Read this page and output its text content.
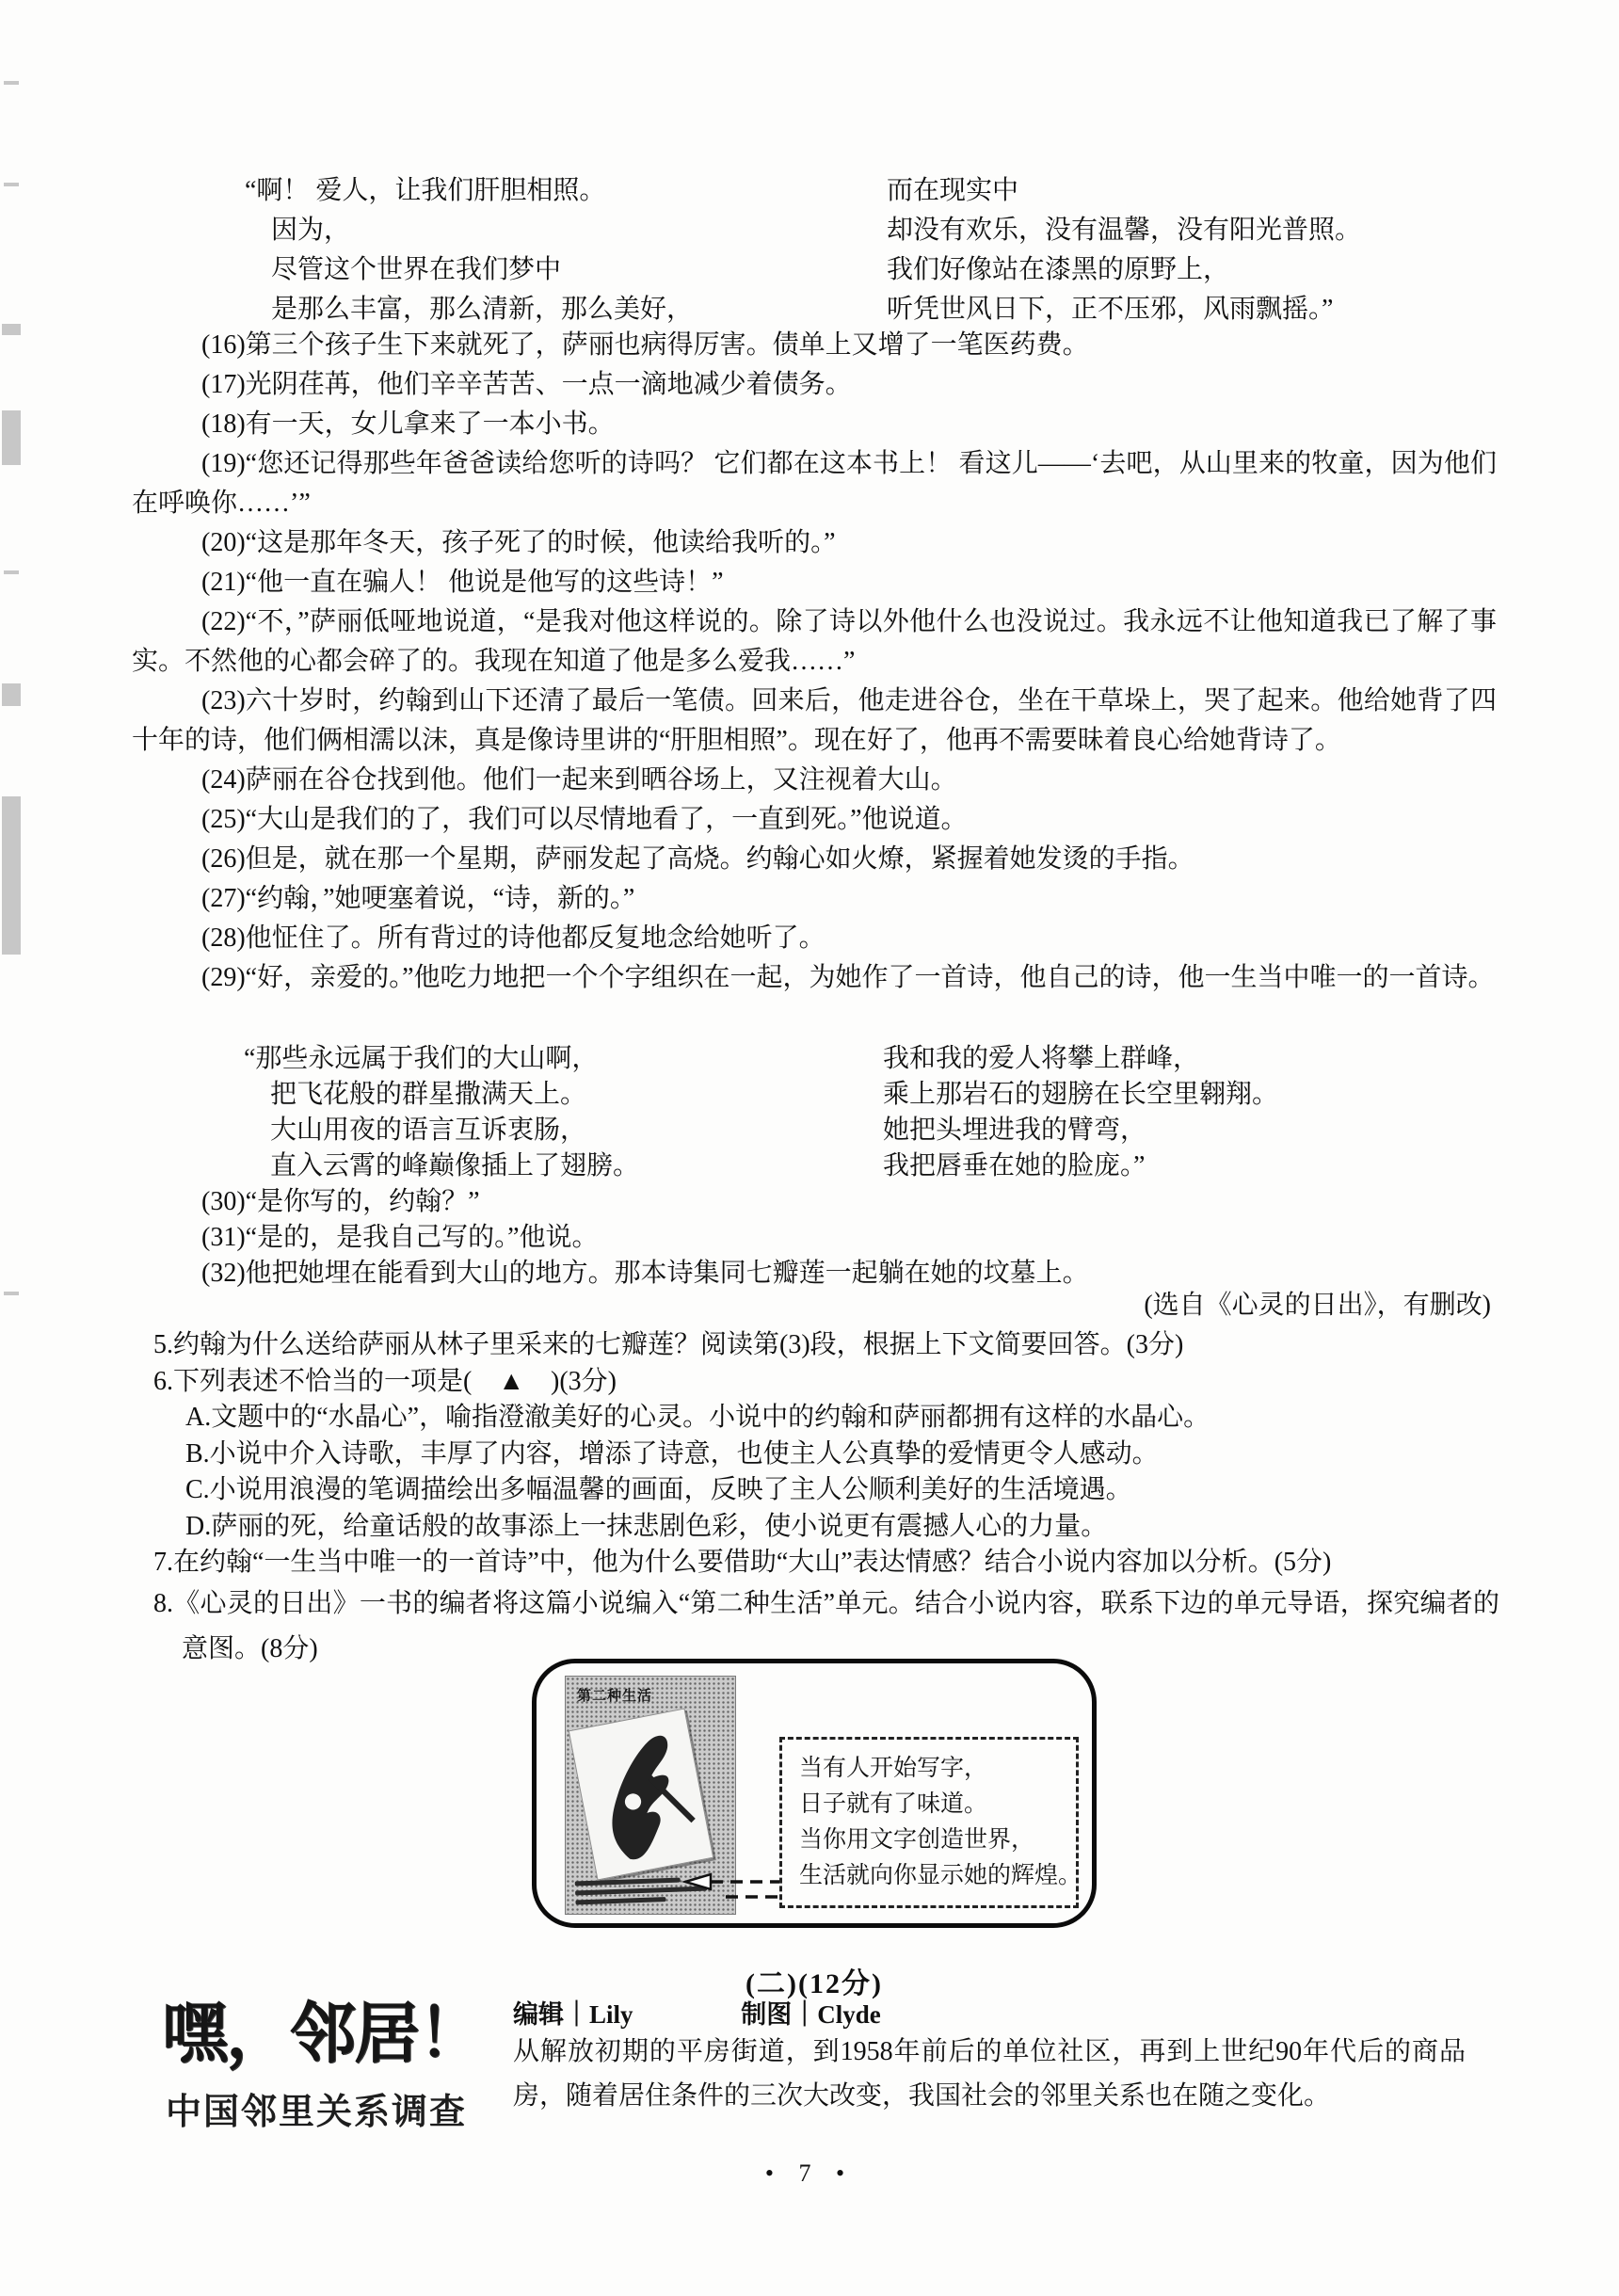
“啊！ 爱人，让我们肝胆相照。
因为，
尽管这个世界在我们梦中
是那么丰富，那么清新，那么美好，
而在现实中
却没有欢乐，没有温馨，没有阳光普照。
我们好像站在漆黑的原野上，
听凭世风日下，正不压邪，风雨飘摇。”

(16)第三个孩子生下来就死了，萨丽也病得厉害。债单上又增了一笔医药费。

(17)光阴荏苒，他们辛辛苦苦、一点一滴地减少着债务。

(18)有一天，女儿拿来了一本小书。

(19)“您还记得那些年爸爸读给您听的诗吗？ 它们都在这本书上！ 看这儿——‘去吧，从山里来的牧童，因为他们在呼唤你……’”

(20)“这是那年冬天，孩子死了的时候，他读给我听的。”

(21)“他一直在骗人！ 他说是他写的这些诗！”

(22)“不，”萨丽低哑地说道，“是我对他这样说的。除了诗以外他什么也没说过。我永远不让他知道我已了解了事实。不然他的心都会碎了的。我现在知道了他是多么爱我……”

(23)六十岁时，约翰到山下还清了最后一笔债。回来后，他走进谷仓，坐在干草垛上，哭了起来。他给她背了四十年的诗，他们俩相濡以沫，真是像诗里讲的“肝胆相照”。现在好了，他再不需要昧着良心给她背诗了。

(24)萨丽在谷仓找到他。他们一起来到晒谷场上，又注视着大山。

(25)“大山是我们的了，我们可以尽情地看了，一直到死。”他说道。

(26)但是，就在那一个星期，萨丽发起了高烧。约翰心如火燎，紧握着她发烫的手指。

(27)“约翰，”她哽塞着说，“诗，新的。”

(28)他怔住了。所有背过的诗他都反复地念给她听了。

(29)“好，亲爱的。”他吃力地把一个个字组织在一起，为她作了一首诗，他自己的诗，他一生当中唯一的一首诗。

“那些永远属于我们的大山啊，
把飞花般的群星撒满天上。
大山用夜的语言互诉衷肠，
直入云霄的峰巅像插上了翅膀。
我和我的爱人将攀上群峰，
乘上那岩石的翅膀在长空里翱翔。
她把头埋进我的臂弯，
我把唇垂在她的脸庞。”

(30)“是你写的，约翰？”

(31)“是的，是我自己写的。”他说。

(32)他把她埋在能看到大山的地方。那本诗集同七瓣莲一起躺在她的坟墓上。

(选自《心灵的日出》，有删改)

5.约翰为什么送给萨丽从林子里采来的七瓣莲？阅读第(3)段，根据上下文简要回答。(3分)

6.下列表述不恰当的一项是(　▲　)(3分)

A.文题中的“水晶心”，喻指澄澈美好的心灵。小说中的约翰和萨丽都拥有这样的水晶心。

B.小说中介入诗歌，丰厚了内容，增添了诗意，也使主人公真挚的爱情更令人感动。

C.小说用浪漫的笔调描绘出多幅温馨的画面，反映了主人公顺利美好的生活境遇。

D.萨丽的死，给童话般的故事添上一抹悲剧色彩，使小说更有震撼人心的力量。

7.在约翰“一生当中唯一的一首诗”中，他为什么要借助“大山”表达情感？结合小说内容加以分析。(5分)

8.《心灵的日出》一书的编者将这篇小说编入“第二种生活”单元。结合小说内容，联系下边的单元导语，探究编者的意图。(8分)

第二种生活
当有人开始写字，
日子就有了味道。
当你用文字创造世界，
生活就向你显示她的辉煌。
(二)(12分)
嘿，邻居！
中国邻里关系调查
编辑｜Lily	制图｜Clyde
从解放初期的平房街道，到1958年前后的单位社区，再到上世纪90年代后的商品房，随着居住条件的三次大改变，我国社会的邻里关系也在随之变化。
• 7 •
